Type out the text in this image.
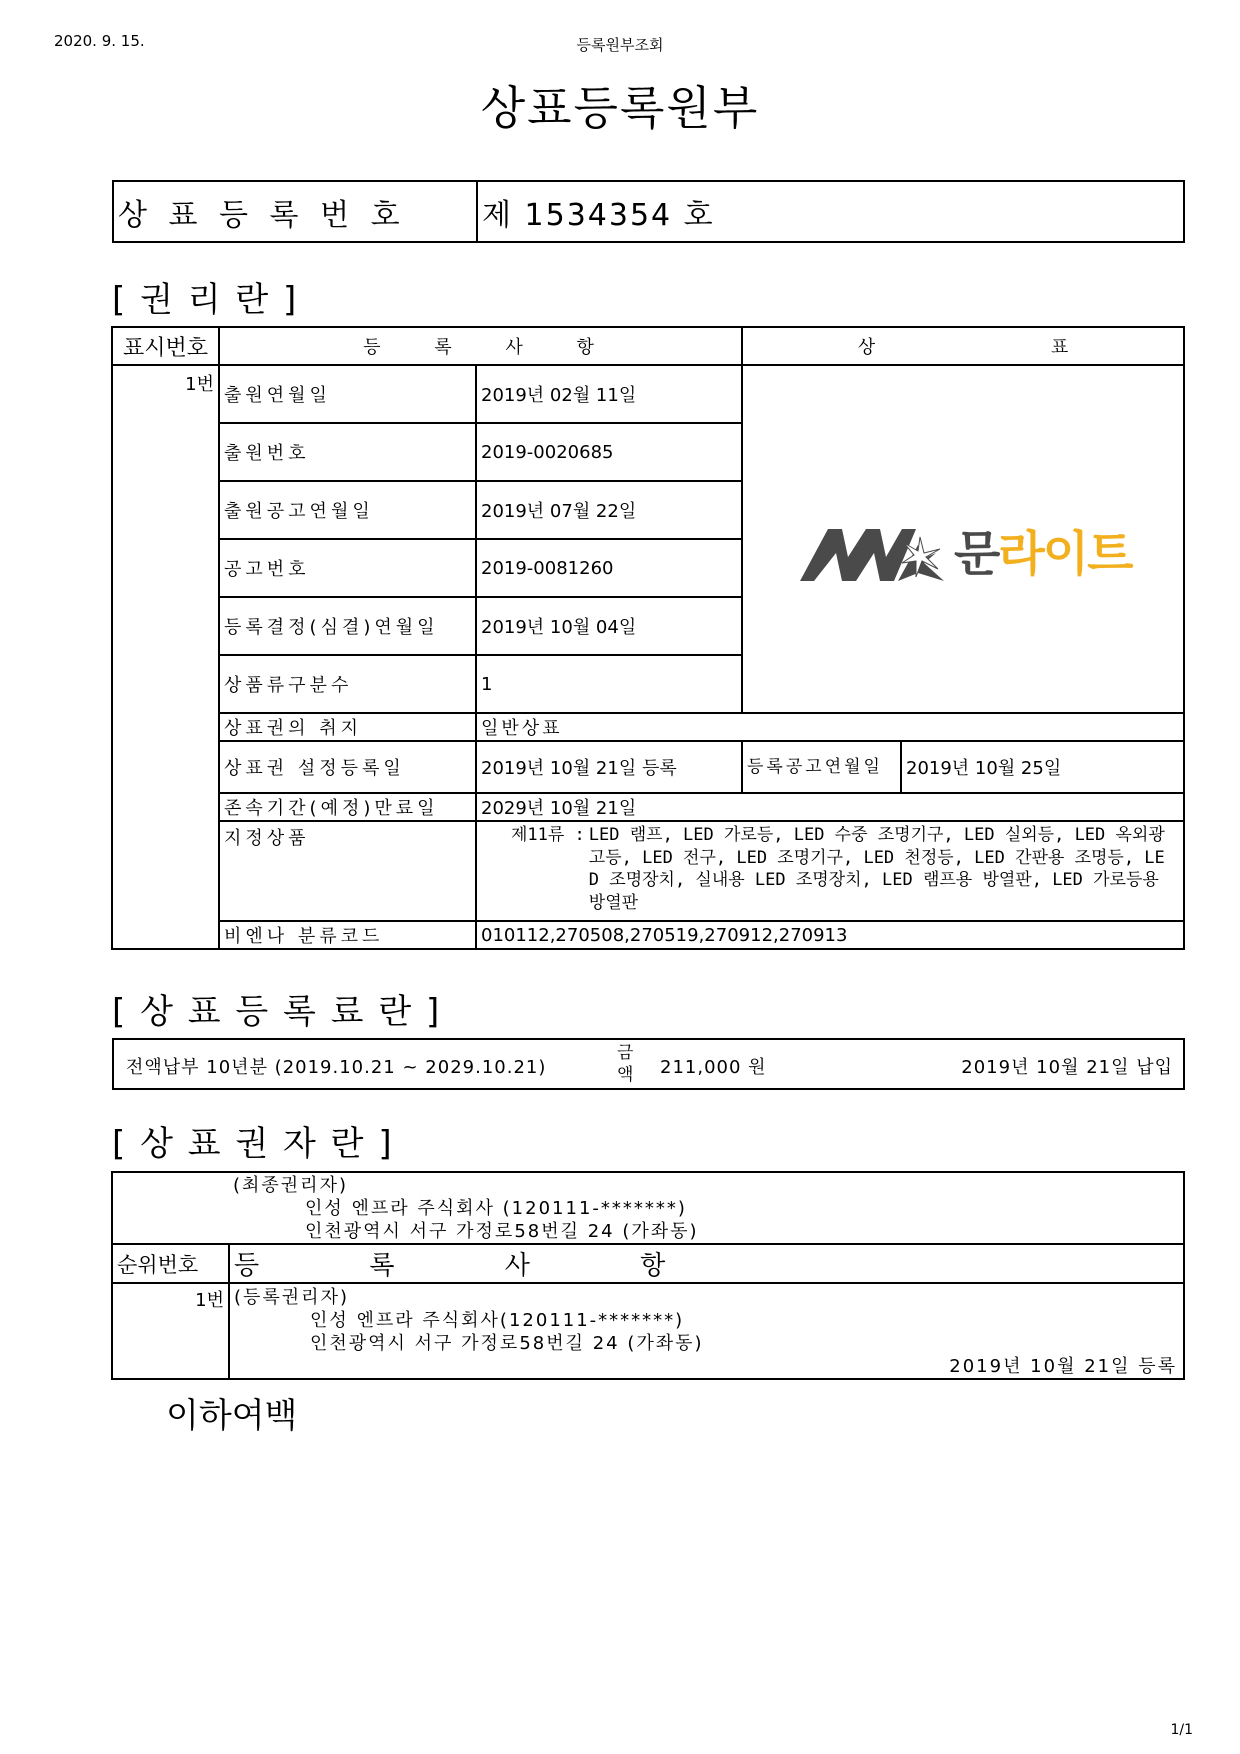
2020. 9. 15.	등록원부조회
상표등록원부
상 표 등 록 번 호	제 1534354 호
[ 권 리 란 ]
표시번호	등 록 사 항		상 표	
1번	출원연월일	2019년 02월 11일	문라이트	

	출원번호	2019-0020685		
	출원공고연월일	2019년 07월 22일		
	공고번호	2019-0081260		
	등록결정(심결)연월일	2019년 10월 04일		
	상품류구분수	1		
	상표권의 취지	일반상표		
	상표권 설정등록일	2019년 10월 21일 등록	등록공고연월일	2019년 10월 25일
	존속기간(예정)만료일	2029년 10월 21일		
	지정상품	제11류 : LED 램프, LED 가로등, LED 수중 조명기구, LED 실외등, LED 옥외광고등, LED 전구, LED 조명기구, LED 천정등, LED 간판용 조명등, LED 조명장치, 실내용 LED 조명장치, LED 램프용 방열판, LED 가로등용 방열판		

	비엔나 분류코드	010112,270508,270519,270912,270913		
[ 상 표 등 록 료 란 ]
전액납부 10년분 (2019.10.21 ~ 2029.10.21)
금액 211,000 원	2019년 10월 21일 납입
[ 상 표 권 자 란 ]
(최종권리자)
인성 엔프라 주식회사 (120111-*******)
인천광역시 서구 가정로58번길 24 (가좌동)	

순위번호	등 록 사 항
1번	(등록권리자)
인성 엔프라 주식회사(120111-*******)
인천광역시 서구 가정로58번길 24 (가좌동)
2019년 10월 21일 등록
이하여백
1/1
